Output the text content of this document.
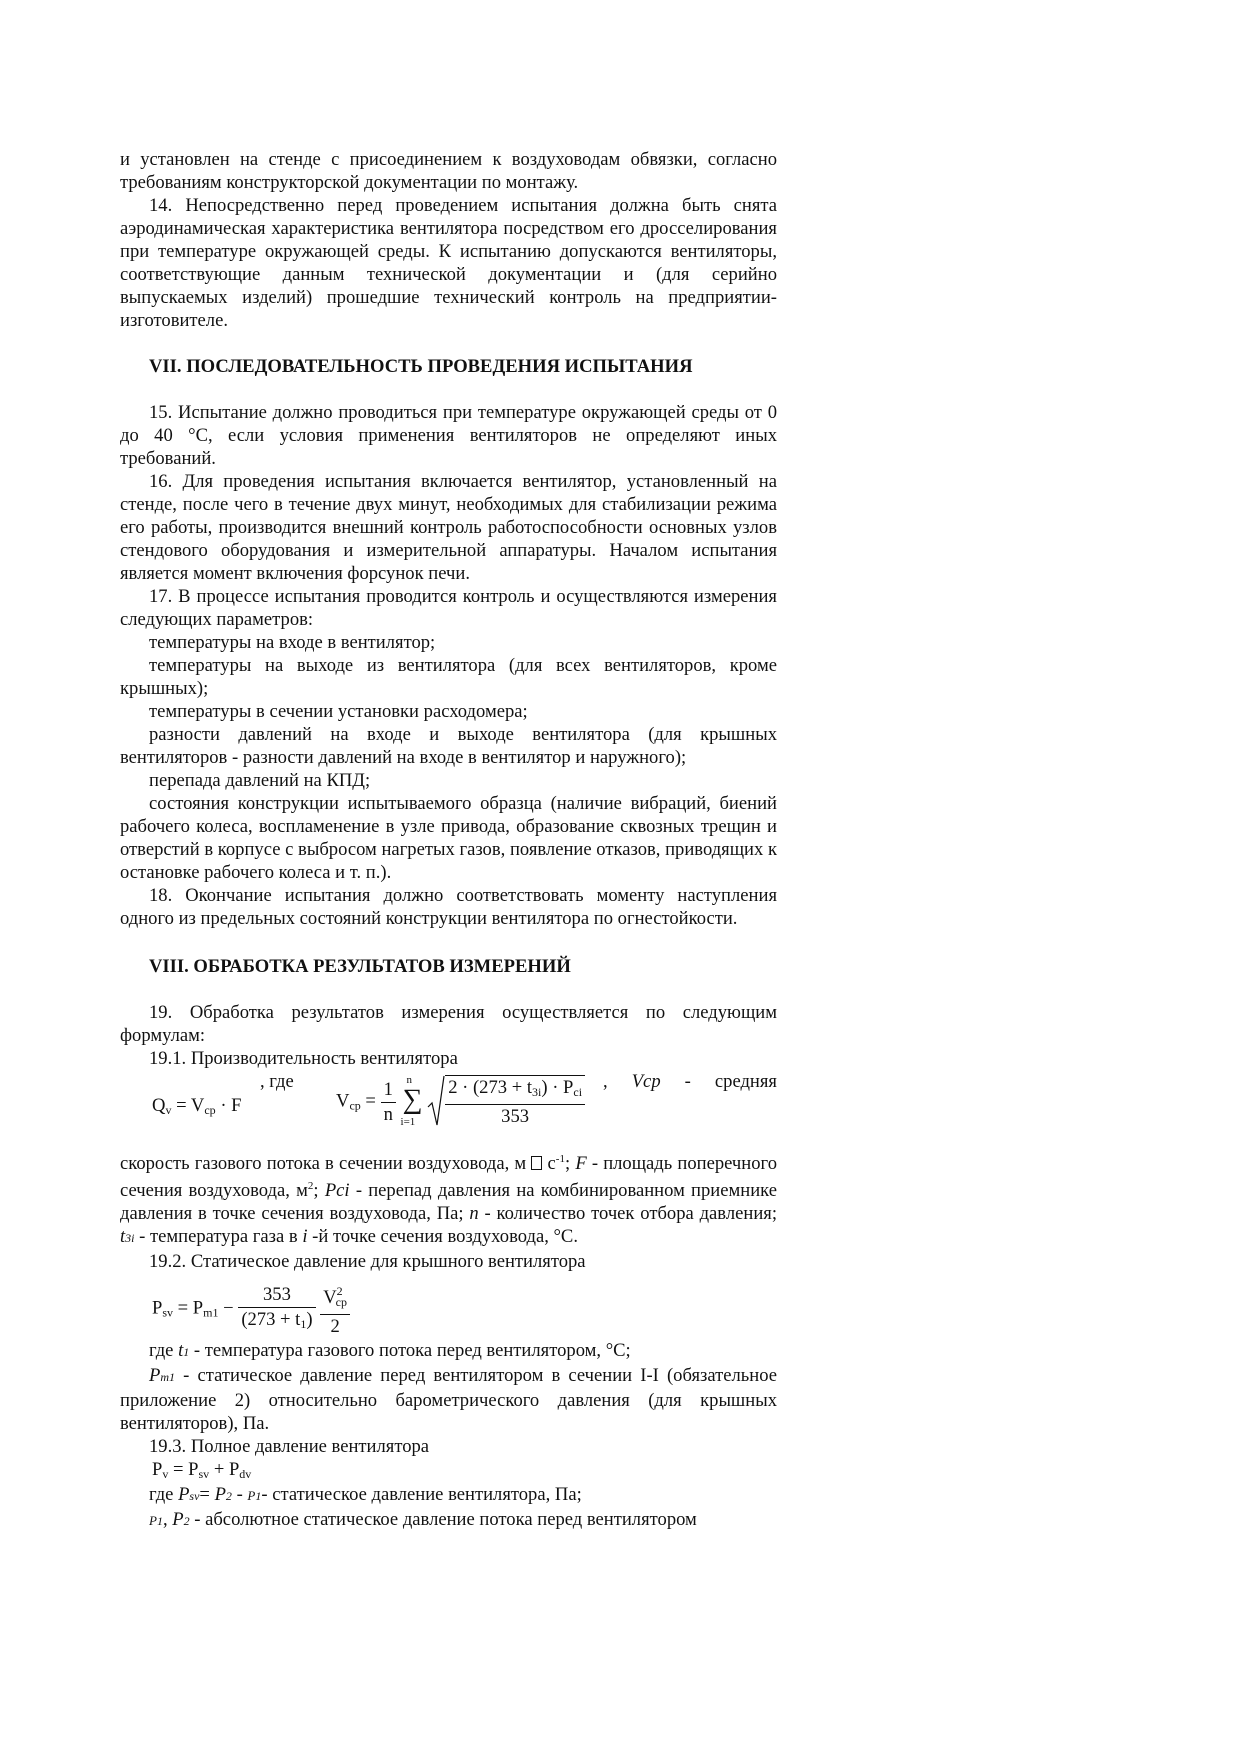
и установлен на стенде с присоединением к воздуховодам обвязки, согласно требованиям конструкторской документации по монтажу.

14. Непосредственно перед проведением испытания должна быть снята аэродинамическая характеристика вентилятора посредством его дросселирования при температуре окружающей среды. К испытанию допускаются вентиляторы, соответствующие данным технической документации и (для серийно выпускаемых изделий) прошедшие технический контроль на предприятии-изготовителе.

VII. ПОСЛЕДОВАТЕЛЬНОСТЬ ПРОВЕДЕНИЯ ИСПЫТАНИЯ

15. Испытание должно проводиться при температуре окружающей среды от 0 до 40 °С, если условия применения вентиляторов не определяют иных требований.

16. Для проведения испытания включается вентилятор, установленный на стенде, после чего в течение двух минут, необходимых для стабилизации режима его работы, производится внешний контроль работоспособности основных узлов стендового оборудования и измерительной аппаратуры. Началом испытания является момент включения форсунок печи.

17. В процессе испытания проводится контроль и осуществляются измерения следующих параметров:

температуры на входе в вентилятор;

температуры на выходе из вентилятора (для всех вентиляторов, кроме крышных);

температуры в сечении установки расходомера;

разности давлений на входе и выходе вентилятора (для крышных вентиляторов - разности давлений на входе в вентилятор и наружного);

перепада давлений на КПД;

состояния конструкции испытываемого образца (наличие вибраций, биений рабочего колеса, воспламенение в узле привода, образование сквозных трещин и отверстий в корпусе с выбросом нагретых газов, появление отказов, приводящих к остановке рабочего колеса и т. п.).

18. Окончание испытания должно соответствовать моменту наступления одного из предельных состояний конструкции вентилятора по огнестойкости.

VIII. ОБРАБОТКА РЕЗУЛЬТАТОВ ИЗМЕРЕНИЙ

19. Обработка результатов измерения осуществляется по следующим формулам:

19.1. Производительность вентилятора

$Q_v = V_{ср} \cdot F$
, где
$V_{ср} = \frac{1}{n}$
n
∑
i=1
$\frac{2 \cdot (273 + t_{3i}) \cdot P_{ci}}{353}$ , Vср - средняя

скорость газового потока в сечении воздуховода, м $с^{-1}$; F - площадь поперечного сечения воздуховода, $м^2$; Pci - перепад давления на комбинированном приемнике давления в точке сечения воздуховода, Па; n - количество точек отбора давления; t3i - температура газа в i -й точке сечения воздуховода, °С.

19.2. Статическое давление для крышного вентилятора

$P_{sv} = P_{m1} - \frac{353}{(273 + t_1)}$
$\frac{V^2_{ср}}{2}$

где t1 - температура газового потока перед вентилятором, °С;

Pm1 - статическое давление перед вентилятором в сечении I-I (обязательное приложение 2) относительно барометрического давления (для крышных вентиляторов), Па.

19.3. Полное давление вентилятора

$P_v = P_{sv} + P_{dv}$

где Psv= P2 - P1- статическое давление вентилятора, Па;

P1, P2 - абсолютное статическое давление потока перед вентилятором
